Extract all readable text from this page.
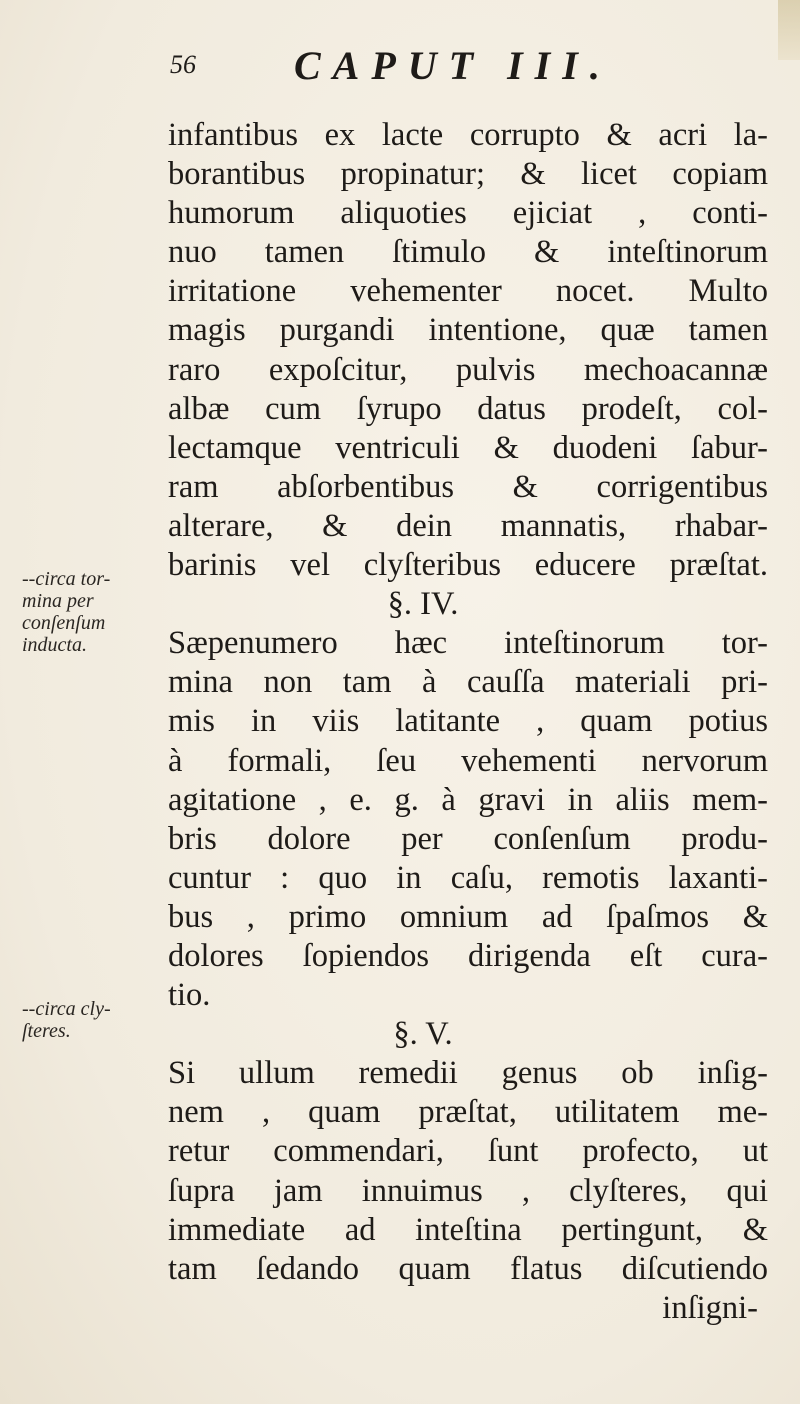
56 CAPUT III.
infantibus ex lacte corrupto & acri la-
borantibus propinatur; & licet copiam
humorum aliquoties ejiciat , conti-
nuo tamen ſtimulo & inteſtinorum
irritatione vehementer nocet. Multo
magis purgandi intentione, quæ tamen
raro expoſcitur, pulvis mechoacannæ
albæ cum ſyrupo datus prodeſt, col-
lectamque ventriculi & duodeni ſabur-
ram abſorbentibus & corrigentibus
alterare, & dein mannatis, rhabar-
barinis vel clyſteribus educere præſtat.
§. IV.
Sæpenumero hæc inteſtinorum tor-
mina non tam à cauſſa materiali pri-
mis in viis latitante , quam potius
à formali, ſeu vehementi nervorum
agitatione , e. g. à gravi in aliis mem-
bris dolore per conſenſum produ-
cuntur : quo in caſu, remotis laxanti-
bus , primo omnium ad ſpaſmos &
dolores ſopiendos dirigenda eſt cura-
tio.
§. V.
Si ullum remedii genus ob inſig-
nem , quam præſtat, utilitatem me-
retur commendari, ſunt profecto, ut
ſupra jam innuimus , clyſteres, qui
immediate ad inteſtina pertingunt, &
tam ſedando quam flatus diſcutiendo
inſigni-
--circa tor-
mina per
conſenſum
inducta.
--circa cly-
ſteres.
